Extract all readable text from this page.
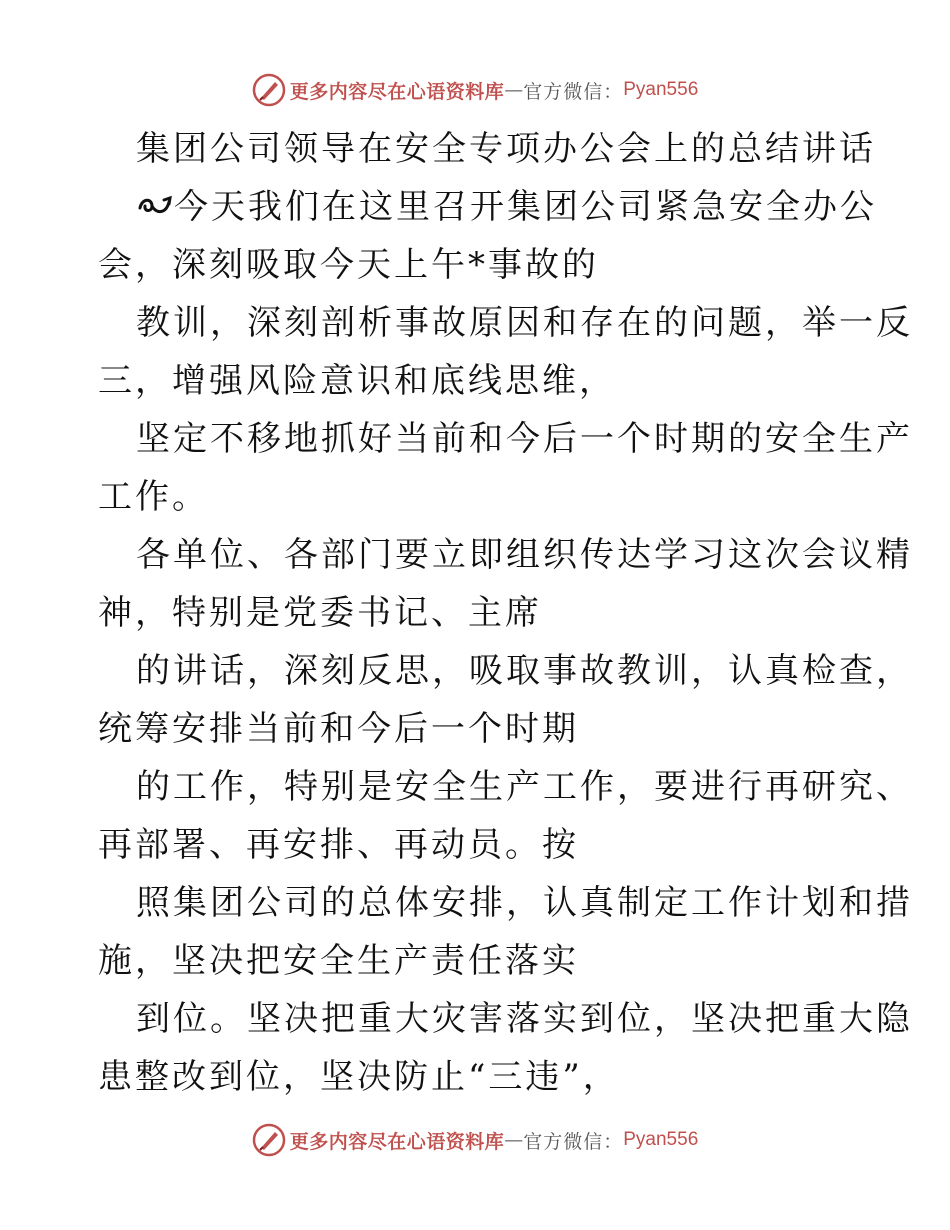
更多内容尽在心语资料库 — 官方微信： Pyan556
集团公司领导在安全专项办公会上的总结讲话
今天我们在这里召开集团公司紧急安全办公
会，深刻吸取今天上午*事故的
教训，深刻剖析事故原因和存在的问题，举一反
三，增强风险意识和底线思维，
坚定不移地抓好当前和今后一个时期的安全生产
工作。
各单位、各部门要立即组织传达学习这次会议精
神，特别是党委书记、主席
的讲话，深刻反思，吸取事故教训，认真检查，
统筹安排当前和今后一个时期
的工作，特别是安全生产工作，要进行再研究、
再部署、再安排、再动员。按
照集团公司的总体安排，认真制定工作计划和措
施，坚决把安全生产责任落实
到位。坚决把重大灾害落实到位，坚决把重大隐
患整改到位，坚决防止“三违”，
更多内容尽在心语资料库 — 官方微信： Pyan556
